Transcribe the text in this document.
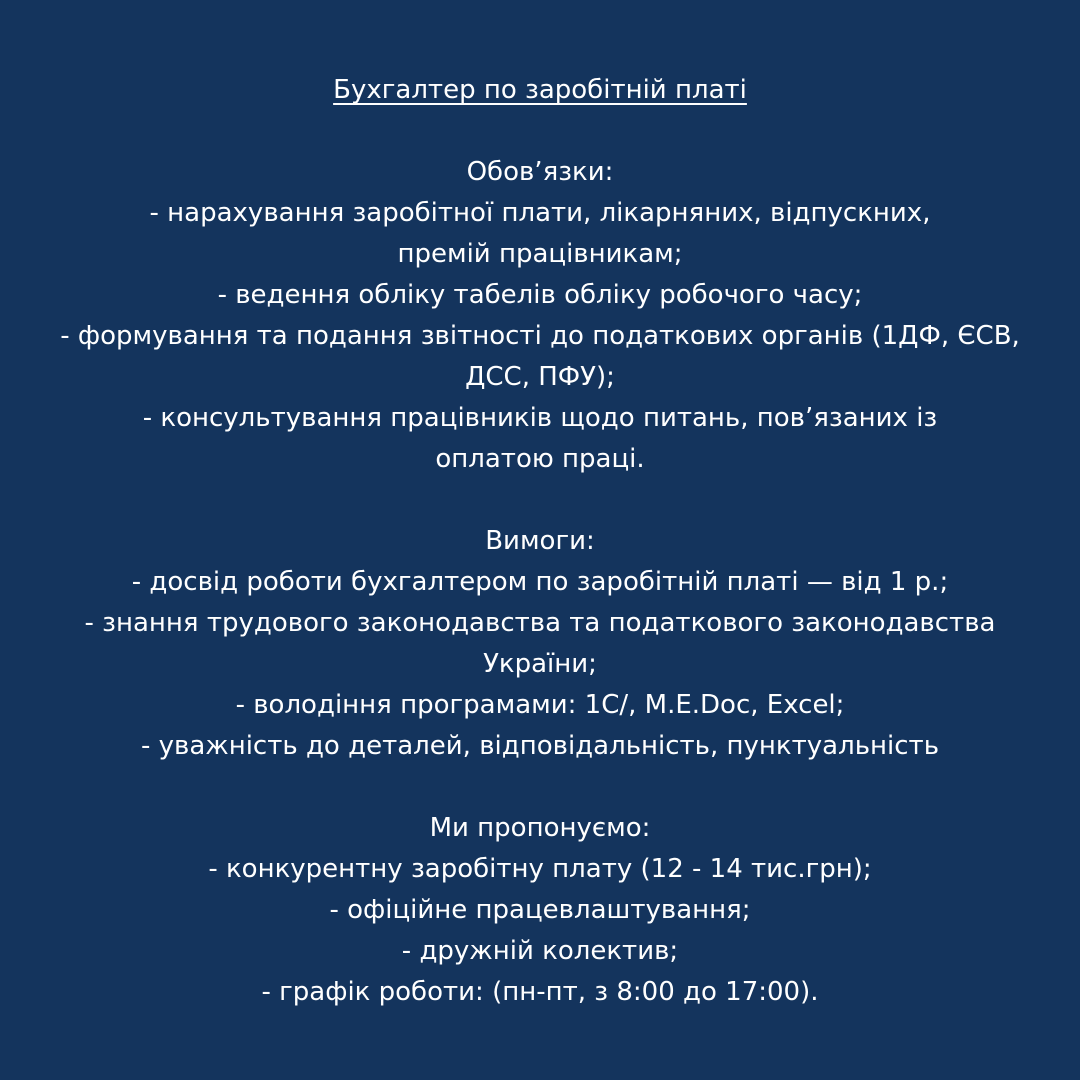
Бухгалтер по заробітній платі
Обов’язки:
- нарахування заробітної плати, лікарняних, відпускних, премій працівникам;
- ведення обліку табелів обліку робочого часу;
- формування та подання звітності до податкових органів (1ДФ, ЄСВ, ДСС, ПФУ);
- консультування працівників щодо питань, пов’язаних із оплатою праці.
Вимоги:
- досвід роботи бухгалтером по заробітній платі — від 1 р.;
- знання трудового законодавства та податкового законодавства України;
- володіння програмами: 1С/, M.E.Doc, Excel;
- уважність до деталей, відповідальність, пунктуальність
Ми пропонуємо:
- конкурентну заробітну плату (12 - 14 тис.грн);
- офіційне працевлаштування;
- дружній колектив;
- графік роботи: (пн-пт, з 8:00 до 17:00).
